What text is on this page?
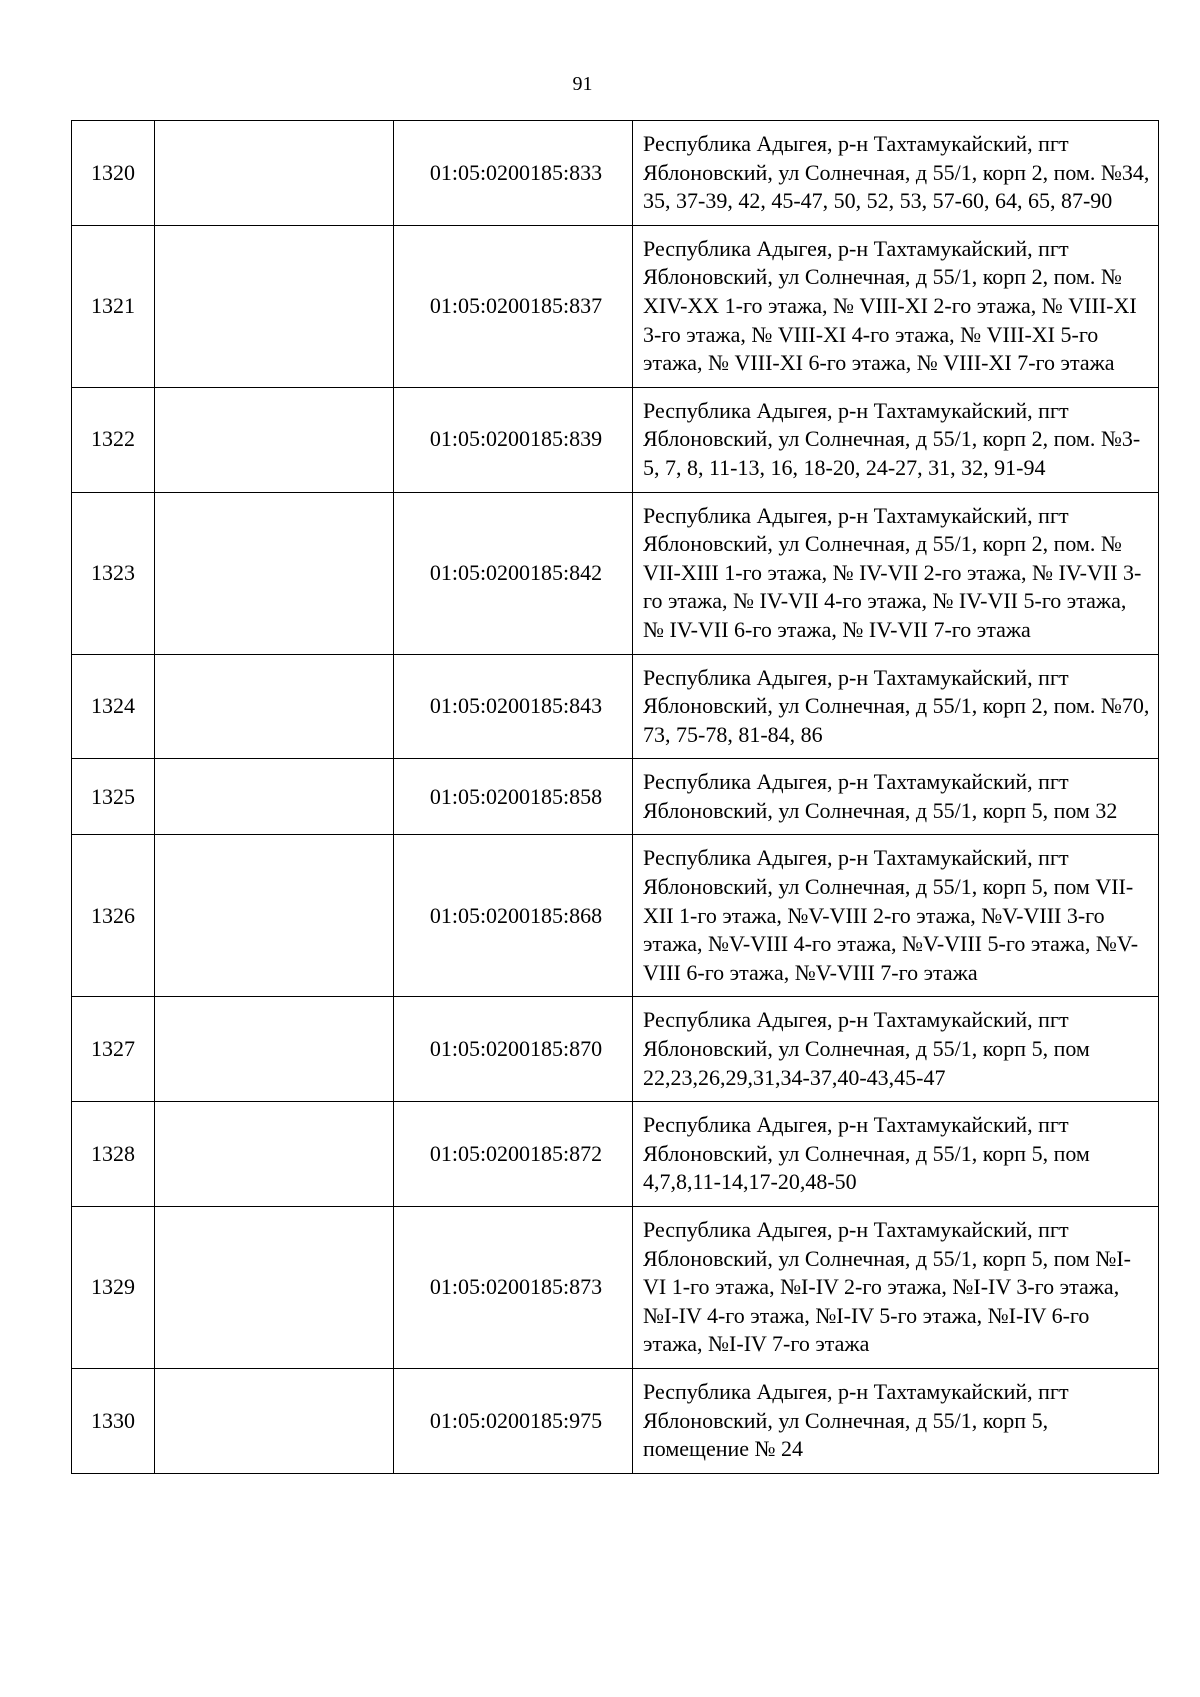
91
1320		01:05:0200185:833	Республика Адыгея, р-н Тахтамукайский, пгт Яблоновский, ул Солнечная, д 55/1, корп 2, пом. №34, 35, 37-39, 42, 45-47, 50, 52, 53, 57-60, 64, 65, 87-90
1321		01:05:0200185:837	Республика Адыгея, р-н Тахтамукайский, пгт Яблоновский, ул Солнечная, д 55/1, корп 2, пом. № XIV-XX 1-го этажа, № VIII-XI 2-го этажа, № VIII-XI 3-го этажа, № VIII-XI 4-го этажа, № VIII-XI 5-го этажа, № VIII-XI 6-го этажа, № VIII-XI 7-го этажа
1322		01:05:0200185:839	Республика Адыгея, р-н Тахтамукайский, пгт Яблоновский, ул Солнечная, д 55/1, корп 2, пом. №3-5, 7, 8, 11-13, 16, 18-20, 24-27, 31, 32, 91-94
1323		01:05:0200185:842	Республика Адыгея, р-н Тахтамукайский, пгт Яблоновский, ул Солнечная, д 55/1, корп 2, пом. № VII-XIII 1-го этажа, № IV-VII 2-го этажа, № IV-VII 3-го этажа, № IV-VII 4-го этажа, № IV-VII 5-го этажа, № IV-VII 6-го этажа, № IV-VII 7-го этажа
1324		01:05:0200185:843	Республика Адыгея, р-н Тахтамукайский, пгт Яблоновский, ул Солнечная, д 55/1, корп 2, пом. №70, 73, 75-78, 81-84, 86
1325		01:05:0200185:858	Республика Адыгея, р-н Тахтамукайский, пгт Яблоновский, ул Солнечная, д 55/1, корп 5, пом 32
1326		01:05:0200185:868	Республика Адыгея, р-н Тахтамукайский, пгт Яблоновский, ул Солнечная, д 55/1, корп 5, пом VII-XII 1-го этажа, №V-VIII 2-го этажа, №V-VIII 3-го этажа, №V-VIII 4-го этажа, №V-VIII 5-го этажа, №V-VIII 6-го этажа, №V-VIII 7-го этажа
1327		01:05:0200185:870	Республика Адыгея, р-н Тахтамукайский, пгт Яблоновский, ул Солнечная, д 55/1, корп 5, пом 22,23,26,29,31,34-37,40-43,45-47
1328		01:05:0200185:872	Республика Адыгея, р-н Тахтамукайский, пгт Яблоновский, ул Солнечная, д 55/1, корп 5, пом 4,7,8,11-14,17-20,48-50
1329		01:05:0200185:873	Республика Адыгея, р-н Тахтамукайский, пгт Яблоновский, ул Солнечная, д 55/1, корп 5, пом №I-VI 1-го этажа, №I-IV 2-го этажа, №I-IV 3-го этажа, №I-IV 4-го этажа, №I-IV 5-го этажа, №I-IV 6-го этажа, №I-IV 7-го этажа
1330		01:05:0200185:975	Республика Адыгея, р-н Тахтамукайский, пгт Яблоновский, ул Солнечная, д 55/1, корп 5, помещение № 24
